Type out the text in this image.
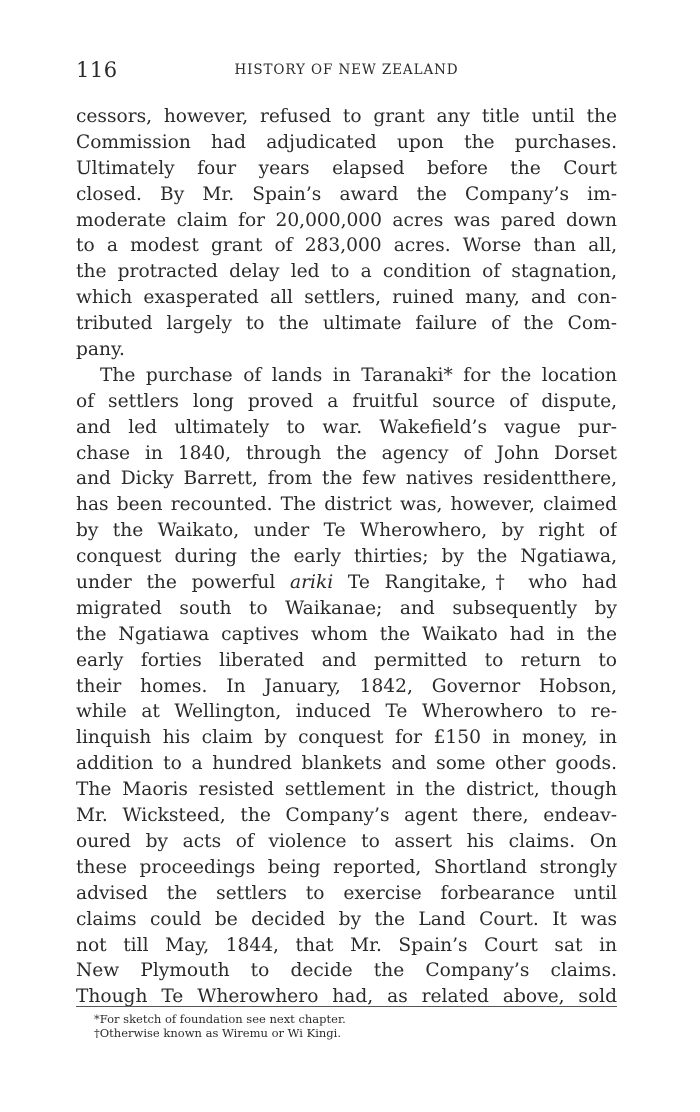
116	HISTORY OF NEW ZEALAND
cessors, however, refused to grant any title until the
Commission had adjudicated upon the purchases.
Ultimately four years elapsed before the Court
closed. By Mr. Spain’s award the Company’s im-
moderate claim for 20,000,000 acres was pared down
to a modest grant of 283,000 acres. Worse than all,
the protracted delay led to a condition of stagnation,
which exasperated all settlers, ruined many, and con-
tributed largely to the ultimate failure of the Com-
pany.
The purchase of lands in Taranaki* for the location
of settlers long proved a fruitful source of dispute,
and led ultimately to war. Wakefield’s vague pur-
chase in 1840, through the agency of John Dorset
and Dicky Barrett, from the few natives residentthere,
has been recounted. The district was, however, claimed
by the Waikato, under Te Wherowhero, by right of
conquest during the early thirties; by the Ngatiawa,
under the powerful ariki Te Rangitake,† who had
migrated south to Waikanae; and subsequently by
the Ngatiawa captives whom the Waikato had in the
early forties liberated and permitted to return to
their homes. In January, 1842, Governor Hobson,
while at Wellington, induced Te Wherowhero to re-
linquish his claim by conquest for £150 in money, in
addition to a hundred blankets and some other goods.
The Maoris resisted settlement in the district, though
Mr. Wicksteed, the Company’s agent there, endeav-
oured by acts of violence to assert his claims. On
these proceedings being reported, Shortland strongly
advised the settlers to exercise forbearance until
claims could be decided by the Land Court. It was
not till May, 1844, that Mr. Spain’s Court sat in
New Plymouth to decide the Company’s claims.
Though Te Wherowhero had, as related above, sold
*For sketch of foundation see next chapter.
†Otherwise known as Wiremu or Wi Kingi.
